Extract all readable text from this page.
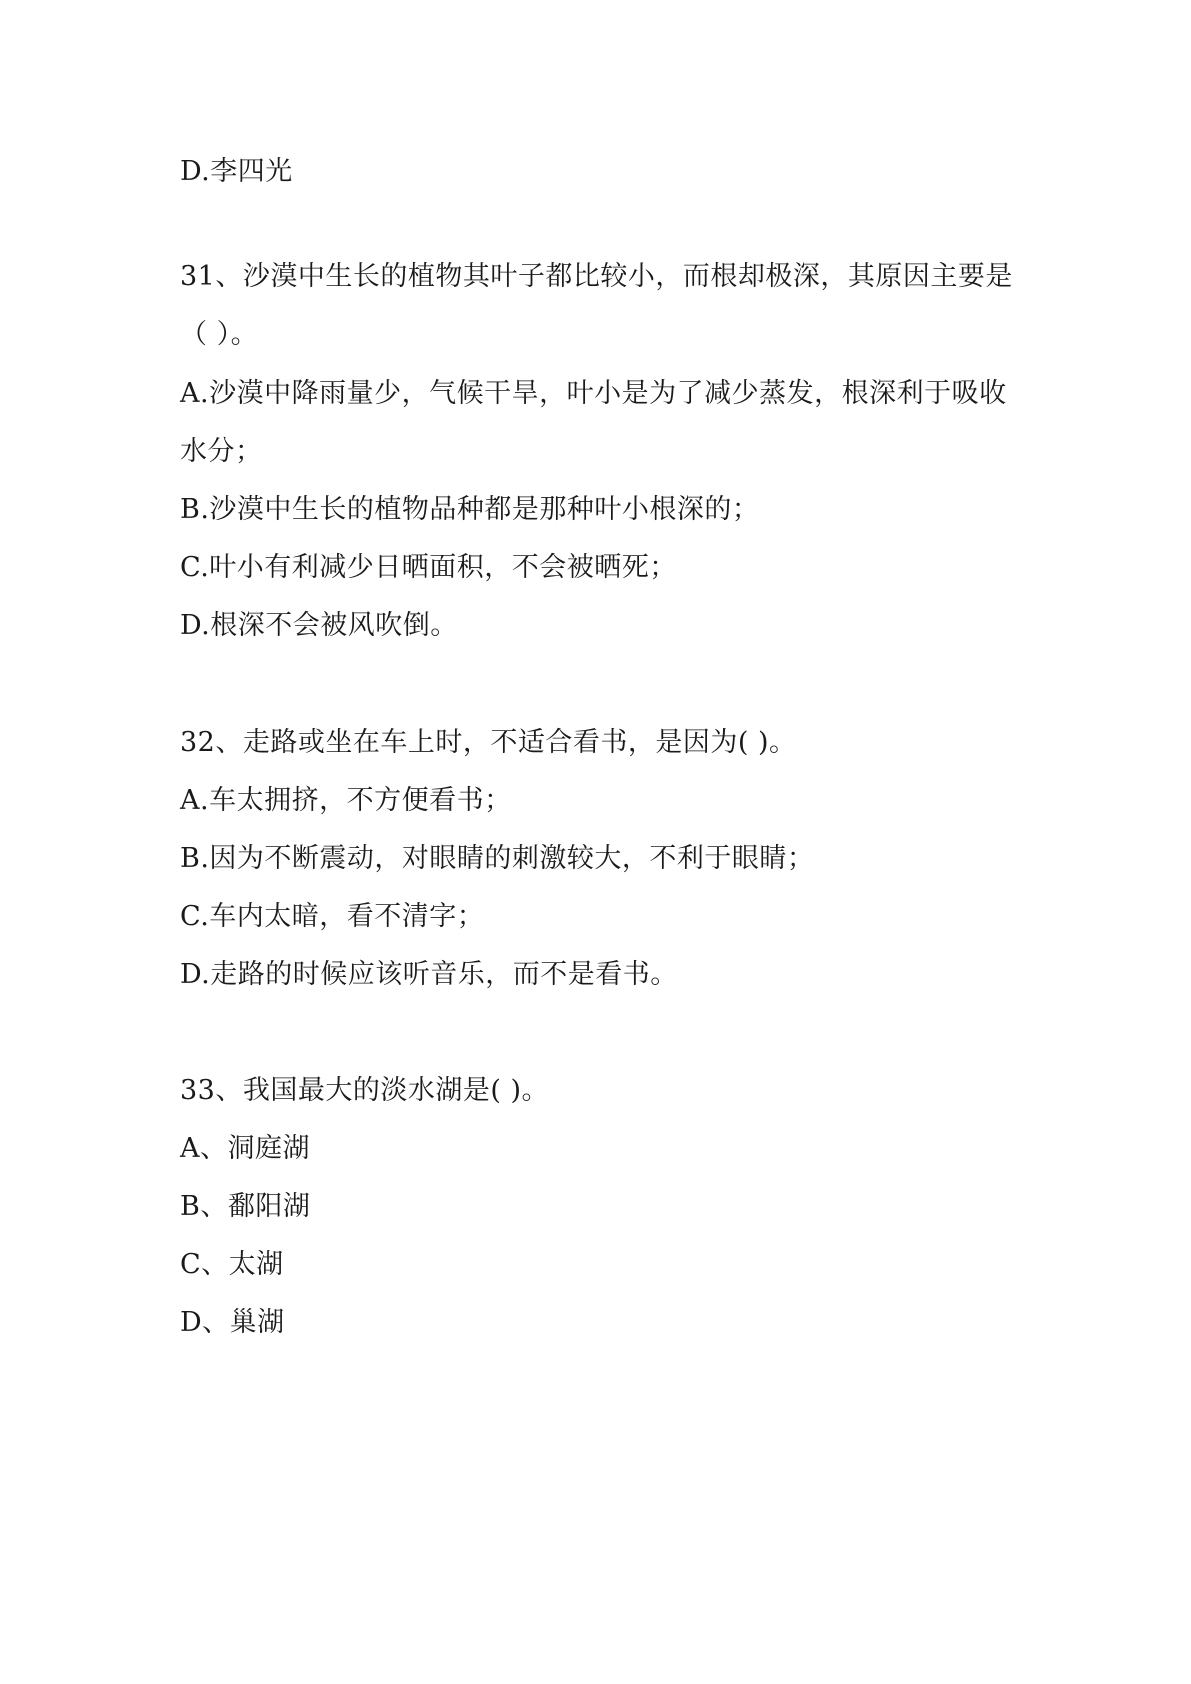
D.李四光
31、沙漠中生长的植物其叶子都比较小，而根却极深，其原因主要是
（ ）。
A.沙漠中降雨量少，气候干旱，叶小是为了减少蒸发，根深利于吸收
水分；
B.沙漠中生长的植物品种都是那种叶小根深的；
C.叶小有利减少日晒面积，不会被晒死；
D.根深不会被风吹倒。
32、走路或坐在车上时，不适合看书，是因为( )。
A.车太拥挤，不方便看书；
B.因为不断震动，对眼睛的刺激较大，不利于眼睛；
C.车内太暗，看不清字；
D.走路的时候应该听音乐，而不是看书。
33、我国最大的淡水湖是( )。
A、洞庭湖
B、鄱阳湖
C、太湖
D、巢湖
